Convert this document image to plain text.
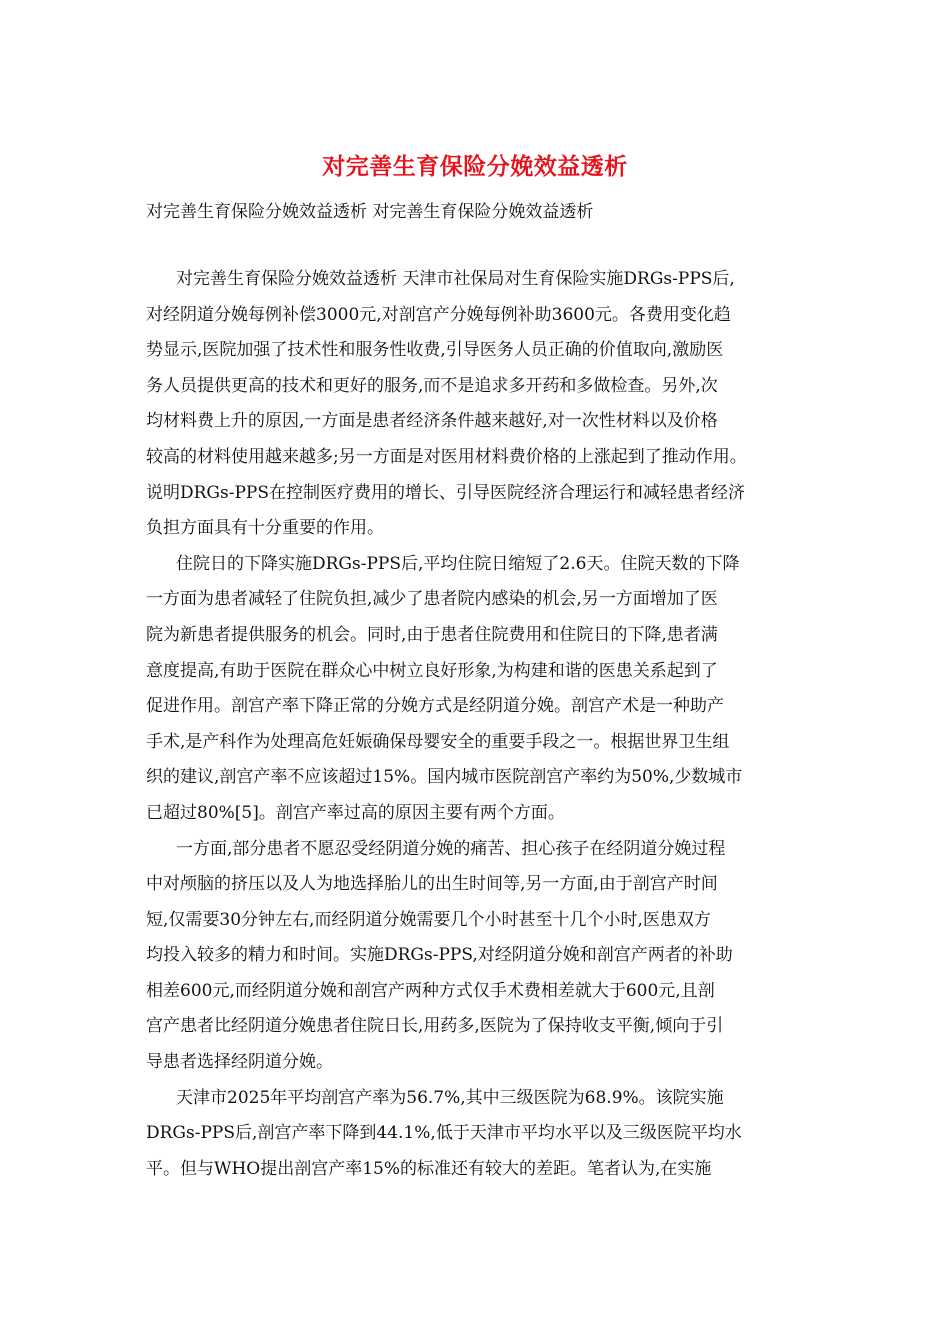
对完善生育保险分娩效益透析
对完善生育保险分娩效益透析 对完善生育保险分娩效益透析
对完善生育保险分娩效益透析 天津市社保局对生育保险实施DRGs-PPS后,
对经阴道分娩每例补偿3000元,对剖宫产分娩每例补助3600元。各费用变化趋
势显示,医院加强了技术性和服务性收费,引导医务人员正确的价值取向,激励医
务人员提供更高的技术和更好的服务,而不是追求多开药和多做检查。另外,次
均材料费上升的原因,一方面是患者经济条件越来越好,对一次性材料以及价格
较高的材料使用越来越多;另一方面是对医用材料费价格的上涨起到了推动作用。
说明DRGs-PPS在控制医疗费用的增长、引导医院经济合理运行和减轻患者经济
负担方面具有十分重要的作用。
住院日的下降实施DRGs-PPS后,平均住院日缩短了2.6天。住院天数的下降
一方面为患者减轻了住院负担,减少了患者院内感染的机会,另一方面增加了医
院为新患者提供服务的机会。同时,由于患者住院费用和住院日的下降,患者满
意度提高,有助于医院在群众心中树立良好形象,为构建和谐的医患关系起到了
促进作用。剖宫产率下降正常的分娩方式是经阴道分娩。剖宫产术是一种助产
手术,是产科作为处理高危妊娠确保母婴安全的重要手段之一。根据世界卫生组
织的建议,剖宫产率不应该超过15%。国内城市医院剖宫产率约为50%,少数城市
已超过80%[5]。剖宫产率过高的原因主要有两个方面。
一方面,部分患者不愿忍受经阴道分娩的痛苦、担心孩子在经阴道分娩过程
中对颅脑的挤压以及人为地选择胎儿的出生时间等,另一方面,由于剖宫产时间
短,仅需要30分钟左右,而经阴道分娩需要几个小时甚至十几个小时,医患双方
均投入较多的精力和时间。实施DRGs-PPS,对经阴道分娩和剖宫产两者的补助
相差600元,而经阴道分娩和剖宫产两种方式仅手术费相差就大于600元,且剖
宫产患者比经阴道分娩患者住院日长,用药多,医院为了保持收支平衡,倾向于引
导患者选择经阴道分娩。
天津市2025年平均剖宫产率为56.7%,其中三级医院为68.9%。该院实施
DRGs-PPS后,剖宫产率下降到44.1%,低于天津市平均水平以及三级医院平均水
平。但与WHO提出剖宫产率15%的标准还有较大的差距。笔者认为,在实施
